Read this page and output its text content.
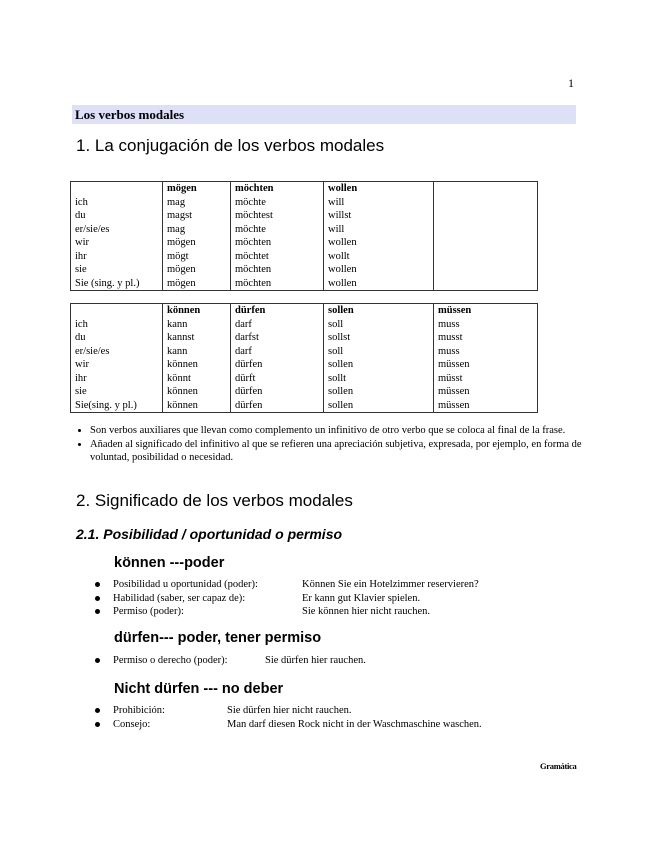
1
Los verbos modales
1. La conjugación de los verbos modales
	mögen	möchten	wollen	
ich	mag	möchte	will	
du	magst	möchtest	willst	
er/sie/es	mag	möchte	will	
wir	mögen	möchten	wollen	
ihr	mögt	möchtet	wollt	
sie	mögen	möchten	wollen	
Sie (sing. y pl.)	mögen	möchten	wollen	
	können	dürfen	sollen	müssen
ich	kann	darf	soll	muss
du	kannst	darfst	sollst	musst
er/sie/es	kann	darf	soll	muss
wir	können	dürfen	sollen	müssen
ihr	könnt	dürft	sollt	müsst
sie	können	dürfen	sollen	müssen
Sie(sing. y pl.)	können	dürfen	sollen	müssen
• Son verbos auxiliares que llevan como complemento un infinitivo de otro verbo que se coloca al final de la frase.
• Añaden al significado del infinitivo al que se refieren una apreciación subjetiva, expresada, por ejemplo, en forma de voluntad, posibilidad o necesidad.
2. Significado de los verbos modales
2.1. Posibilidad / oportunidad o permiso
können ---poder
Posibilidad u oportunidad (poder):	Können Sie ein Hotelzimmer reservieren?
Habilidad (saber, ser capaz de):	Er kann gut Klavier spielen.
Permiso (poder):	Sie können hier nicht rauchen.
dürfen--- poder, tener permiso
Permiso o derecho (poder):	Sie dürfen hier rauchen.
Nicht dürfen --- no deber
Prohibición:	Sie dürfen hier nicht rauchen.
Consejo:	Man darf diesen Rock nicht in der Waschmaschine waschen.
Gramática
